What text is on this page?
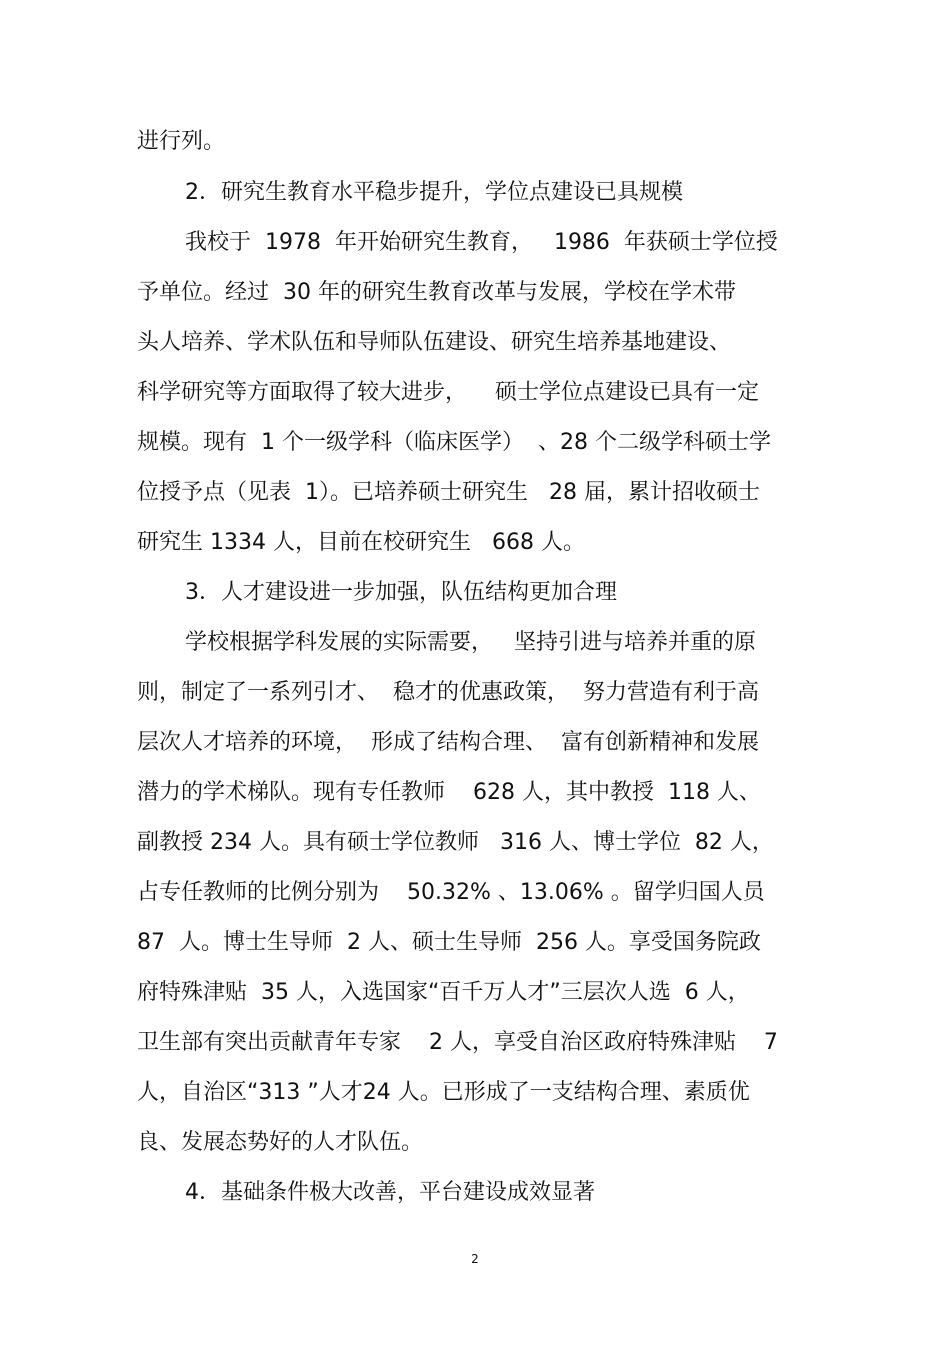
进行列。
2．研究生教育水平稳步提升，学位点建设已具规模
我校于  1978  年开始研究生教育，   1986  年获硕士学位授
予单位。经过  30 年的研究生教育改革与发展，学校在学术带
头人培养、学术队伍和导师队伍建设、研究生培养基地建设、
科学研究等方面取得了较大进步，    硕士学位点建设已具有一定
规模。现有  1 个一级学科（临床医学）  、28 个二级学科硕士学
位授予点（见表  1）。已培养硕士研究生   28 届，累计招收硕士
研究生 1334 人，目前在校研究生   668 人。
3．人才建设进一步加强，队伍结构更加合理
学校根据学科发展的实际需要，   坚持引进与培养并重的原
则，制定了一系列引才、  稳才的优惠政策，  努力营造有利于高
层次人才培养的环境，  形成了结构合理、  富有创新精神和发展
潜力的学术梯队。现有专任教师    628 人，其中教授  118 人、
副教授 234 人。具有硕士学位教师   316 人、博士学位  82 人，
占专任教师的比例分别为    50.32% 、13.06% 。留学归国人员
87  人。博士生导师  2 人、硕士生导师  256 人。享受国务院政
府特殊津贴  35 人，入选国家“百千万人才”三层次人选  6 人，
卫生部有突出贡献青年专家    2 人，享受自治区政府特殊津贴    7
人，自治区“313 ”人才24 人。已形成了一支结构合理、素质优
良、发展态势好的人才队伍。
4．基础条件极大改善，平台建设成效显著
2
